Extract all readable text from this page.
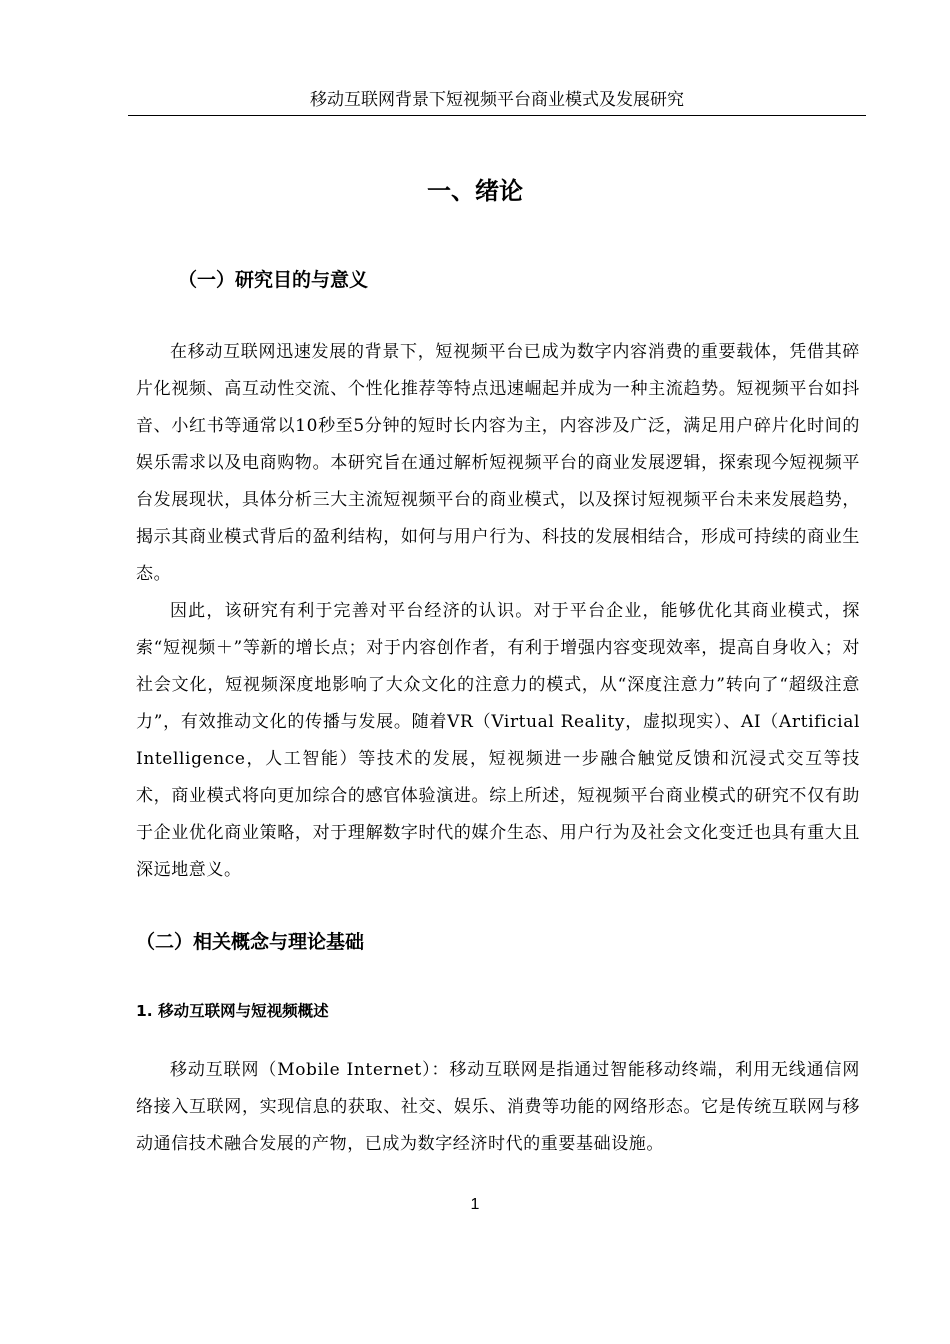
移动互联网背景下短视频平台商业模式及发展研究
一、绪论
（一）研究目的与意义

在移动互联网迅速发展的背景下，短视频平台已成为数字内容消费的重要载体，凭借其碎片化视频、高互动性交流、个性化推荐等特点迅速崛起并成为一种主流趋势。短视频平台如抖音、小红书等通常以10秒至5分钟的短时长内容为主，内容涉及广泛，满足用户碎片化时间的娱乐需求以及电商购物。本研究旨在通过解析短视频平台的商业发展逻辑，探索现今短视频平台发展现状，具体分析三大主流短视频平台的商业模式，以及探讨短视频平台未来发展趋势，揭示其商业模式背后的盈利结构，如何与用户行为、科技的发展相结合，形成可持续的商业生态。

因此，该研究有利于完善对平台经济的认识。对于平台企业，能够优化其商业模式，探索“短视频＋”等新的增长点；对于内容创作者，有利于增强内容变现效率，提高自身收入；对社会文化，短视频深度地影响了大众文化的注意力的模式，从“深度注意力”转向了“超级注意力”，有效推动文化的传播与发展。随着VR（Virtual Reality，虚拟现实）、AI（Artificial Intelligence，人工智能）等技术的发展，短视频进一步融合触觉反馈和沉浸式交互等技术，商业模式将向更加综合的感官体验演进。综上所述，短视频平台商业模式的研究不仅有助于企业优化商业策略，对于理解数字时代的媒介生态、用户行为及社会文化变迁也具有重大且深远地意义。

（二）相关概念与理论基础
1. 移动互联网与短视频概述

移动互联网（Mobile Internet）：移动互联网是指通过智能移动终端，利用无线通信网络接入互联网，实现信息的获取、社交、娱乐、消费等功能的网络形态。它是传统互联网与移动通信技术融合发展的产物，已成为数字经济时代的重要基础设施。

1
